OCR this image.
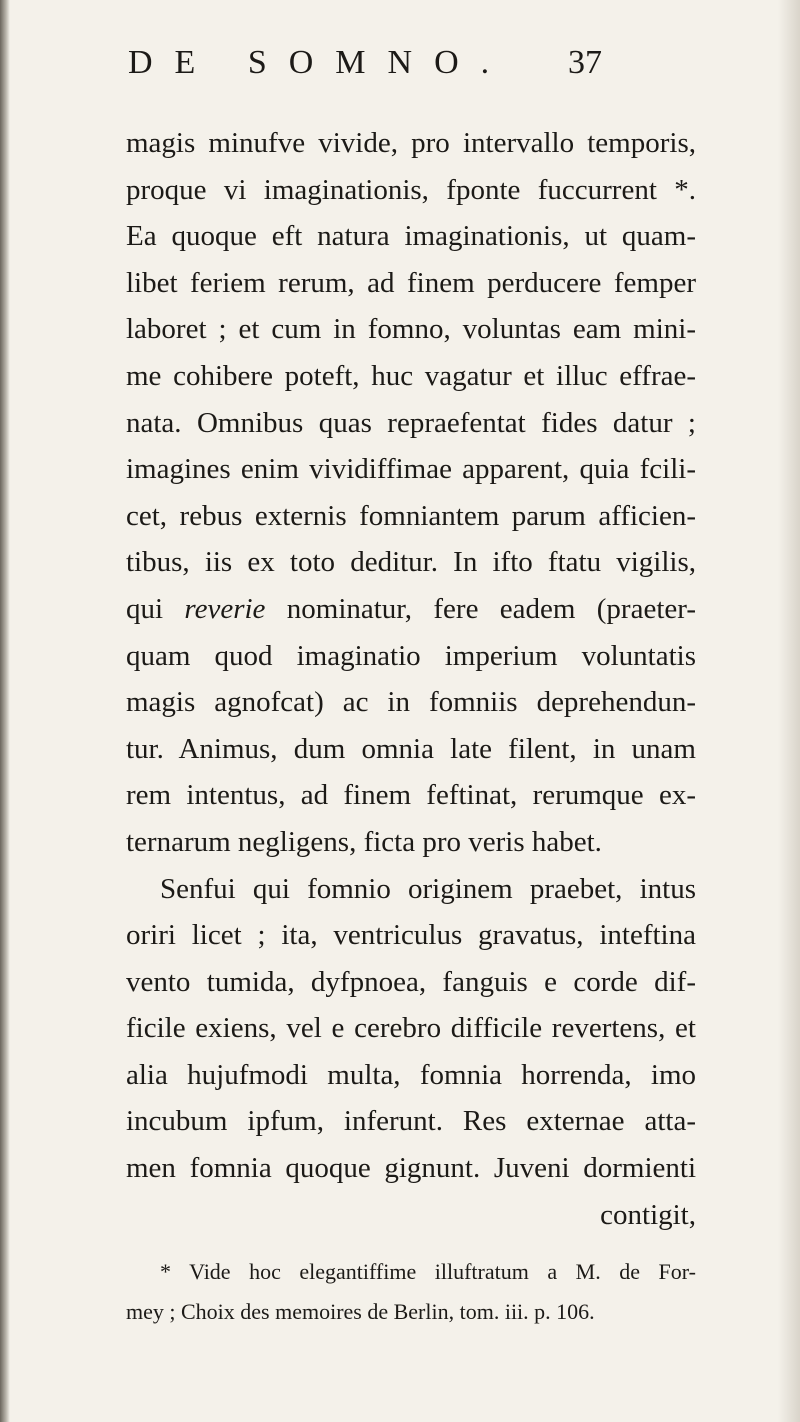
DE SOMNO. 37
magis minufve vivide, pro intervallo temporis,
proque vi imaginationis, fponte fuccurrent *.
Ea quoque eft natura imaginationis, ut quam-
libet feriem rerum, ad finem perducere femper
laboret ; et cum in fomno, voluntas eam mini-
me cohibere poteft, huc vagatur et illuc effrae-
nata. Omnibus quas repraefentat fides datur ;
imagines enim vividiffimae apparent, quia fcili-
cet, rebus externis fomniantem parum afficien-
tibus, iis ex toto deditur. In ifto ftatu vigilis,
qui reverie nominatur, fere eadem (praeter-
quam quod imaginatio imperium voluntatis
magis agnofcat) ac in fomniis deprehendun-
tur. Animus, dum omnia late filent, in unam
rem intentus, ad finem feftinat, rerumque ex-
ternarum negligens, ficta pro veris habet.
Senfui qui fomnio originem praebet, intus
oriri licet ; ita, ventriculus gravatus, inteftina
vento tumida, dyfpnoea, fanguis e corde dif-
ficile exiens, vel e cerebro difficile revertens, et
alia hujufmodi multa, fomnia horrenda, imo
incubum ipfum, inferunt. Res externae atta-
men fomnia quoque gignunt. Juveni dormienti
contigit,
* Vide hoc elegantiffime illuftratum a M. de For-
mey ; Choix des memoires de Berlin, tom. iii. p. 106.
